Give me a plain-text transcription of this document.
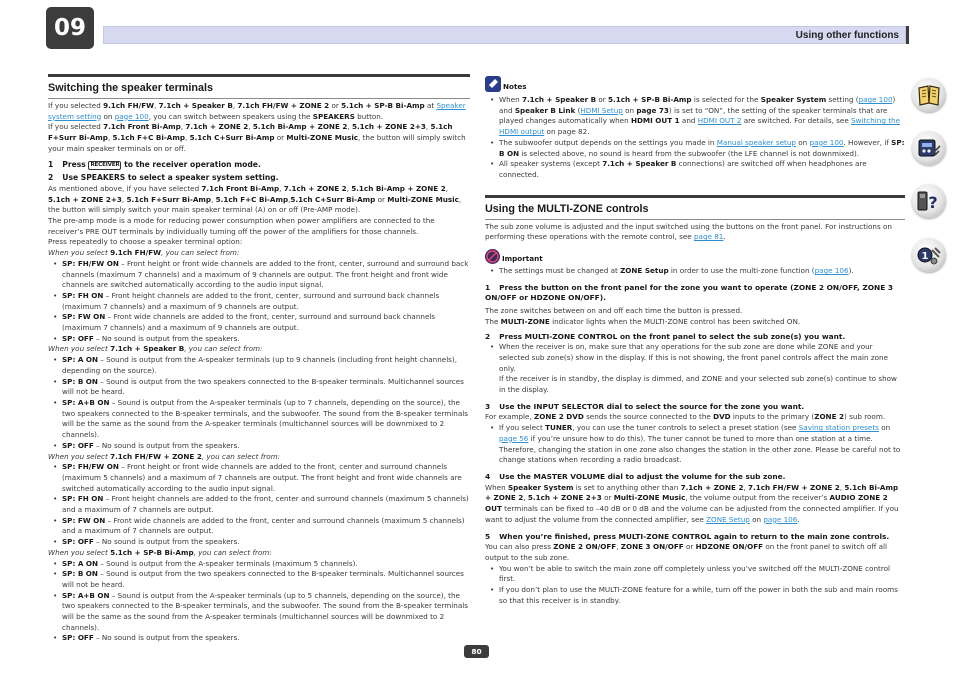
09	Using other functions
Switching the speaker terminals

If you selected 9.1ch FH/FW, 7.1ch + Speaker B, 7.1ch FH/FW + ZONE 2 or 5.1ch + SP-B Bi-Amp at Speaker system setting on page 100, you can switch between speakers using the SPEAKERS button.

If you selected 7.1ch Front Bi-Amp, 7.1ch + ZONE 2, 5.1ch Bi-Amp + ZONE 2, 5.1ch + ZONE 2+3, 5.1ch F+Surr Bi-Amp, 5.1ch F+C Bi-Amp, 5.1ch C+Surr Bi-Amp or Multi-ZONE Music, the button will simply switch your main speaker terminals on or off.

1 Press RECEIVER to the receiver operation mode.
2 Use SPEAKERS to select a speaker system setting.

As mentioned above, if you have selected 7.1ch Front Bi-Amp, 7.1ch + ZONE 2, 5.1ch Bi-Amp + ZONE 2, 5.1ch + ZONE 2+3, 5.1ch F+Surr Bi-Amp, 5.1ch F+C Bi-Amp,5.1ch C+Surr Bi-Amp or Multi-ZONE Music, the button will simply switch your main speaker terminal (A) on or off (Pre-AMP mode).

The pre-amp mode is a mode for reducing power consumption when power amplifiers are connected to the receiver’s PRE OUT terminals by individually turning off the power of the amplifiers for those channels.

Press repeatedly to choose a speaker terminal option:

When you select 9.1ch FH/FW, you can select from:

• SP: FH/FW ON – Front height or front wide channels are added to the front, center, surround and surround back channels (maximum 7 channels) and a maximum of 9 channels are output. The front height and front wide channels are switched automatically according to the audio input signal.
• SP: FH ON – Front height channels are added to the front, center, surround and surround back channels (maximum 7 channels) and a maximum of 9 channels are output.
• SP: FW ON – Front wide channels are added to the front, center, surround and surround back channels (maximum 7 channels) and a maximum of 9 channels are output.
• SP: OFF – No sound is output from the speakers.

When you select 7.1ch + Speaker B, you can select from:

• SP: A ON – Sound is output from the A-speaker terminals (up to 9 channels (including front height channels), depending on the source).
• SP: B ON – Sound is output from the two speakers connected to the B-speaker terminals. Multichannel sources will not be heard.
• SP: A+B ON – Sound is output from the A-speaker terminals (up to 7 channels, depending on the source), the two speakers connected to the B-speaker terminals, and the subwoofer. The sound from the B-speaker terminals will be the same as the sound from the A-speaker terminals (multichannel sources will be downmixed to 2 channels).
• SP: OFF – No sound is output from the speakers.

When you select 7.1ch FH/FW + ZONE 2, you can select from:

• SP: FH/FW ON – Front height or front wide channels are added to the front, center and surround channels (maximum 5 channels) and a maximum of 7 channels are output. The front height and front wide channels are switched automatically according to the audio input signal.
• SP: FH ON – Front height channels are added to the front, center and surround channels (maximum 5 channels) and a maximum of 7 channels are output.
• SP: FW ON – Front wide channels are added to the front, center and surround channels (maximum 5 channels) and a maximum of 7 channels are output.
• SP: OFF – No sound is output from the speakers.

When you select 5.1ch + SP-B Bi-Amp, you can select from:

• SP: A ON – Sound is output from the A-speaker terminals (maximum 5 channels).
• SP: B ON – Sound is output from the two speakers connected to the B-speaker terminals. Multichannel sources will not be heard.
• SP: A+B ON – Sound is output from the A-speaker terminals (up to 5 channels, depending on the source), the two speakers connected to the B-speaker terminals, and the subwoofer. The sound from the B-speaker terminals will be the same as the sound from the A-speaker terminals (multichannel sources will be downmixed to 2 channels).
• SP: OFF – No sound is output from the speakers.
Notes
• When 7.1ch + Speaker B or 5.1ch + SP-B Bi-Amp is selected for the Speaker System setting (page 100) and Speaker B Link (HDMI Setup on page 73) is set to “ON”, the setting of the speaker terminals that are played changes automatically when HDMI OUT 1 and HDMI OUT 2 are switched. For details, see Switching the HDMI output on page 82.
• The subwoofer output depends on the settings you made in Manual speaker setup on page 100. However, if SP: B ON is selected above, no sound is heard from the subwoofer (the LFE channel is not downmixed).
• All speaker systems (except 7.1ch + Speaker B connections) are switched off when headphones are connected.
Using the MULTI-ZONE controls

The sub zone volume is adjusted and the input switched using the buttons on the front panel. For instructions on performing these operations with the remote control, see page 81.

Important
• The settings must be changed at ZONE Setup in order to use the multi-zone function (page 106).
1 Press the button on the front panel for the zone you want to operate (ZONE 2 ON/OFF, ZONE 3 ON/OFF or HDZONE ON/OFF).

The zone switches between on and off each time the button is pressed.

The MULTI-ZONE indicator lights when the MULTI-ZONE control has been switched ON.

2 Press MULTI-ZONE CONTROL on the front panel to select the sub zone(s) you want.
• When the receiver is on, make sure that any operations for the sub zone are done while ZONE and your selected sub zone(s) show in the display. If this is not showing, the front panel controls affect the main zone only.
If the receiver is in standby, the display is dimmed, and ZONE and your selected sub zone(s) continue to show in the display.
3 Use the INPUT SELECTOR dial to select the source for the zone you want.

For example, ZONE 2 DVD sends the source connected to the DVD inputs to the primary (ZONE 2) sub room.

• If you select TUNER, you can use the tuner controls to select a preset station (see Saving station presets on page 56 if you’re unsure how to do this). The tuner cannot be tuned to more than one station at a time. Therefore, changing the station in one zone also changes the station in the other zone. Please be careful not to change stations when recording a radio broadcast.
4 Use the MASTER VOLUME dial to adjust the volume for the sub zone.

When Speaker System is set to anything other than 7.1ch + ZONE 2, 7.1ch FH/FW + ZONE 2, 5.1ch Bi-Amp + ZONE 2, 5.1ch + ZONE 2+3 or Multi-ZONE Music, the volume output from the receiver’s AUDIO ZONE 2 OUT terminals can be fixed to –40 dB or 0 dB and the volume can be adjusted from the connected amplifier. If you want to adjust the volume from the connected amplifier, see ZONE Setup on page 106.

5 When you’re finished, press MULTI-ZONE CONTROL again to return to the main zone controls.

You can also press ZONE 2 ON/OFF, ZONE 3 ON/OFF or HDZONE ON/OFF on the front panel to switch off all output to the sub zone.

• You won’t be able to switch the main zone off completely unless you’ve switched off the MULTI-ZONE control first.
• If you don’t plan to use the MULTI-ZONE feature for a while, turn off the power in both the sub and main rooms so that this receiver is in standby.
?
1
80
